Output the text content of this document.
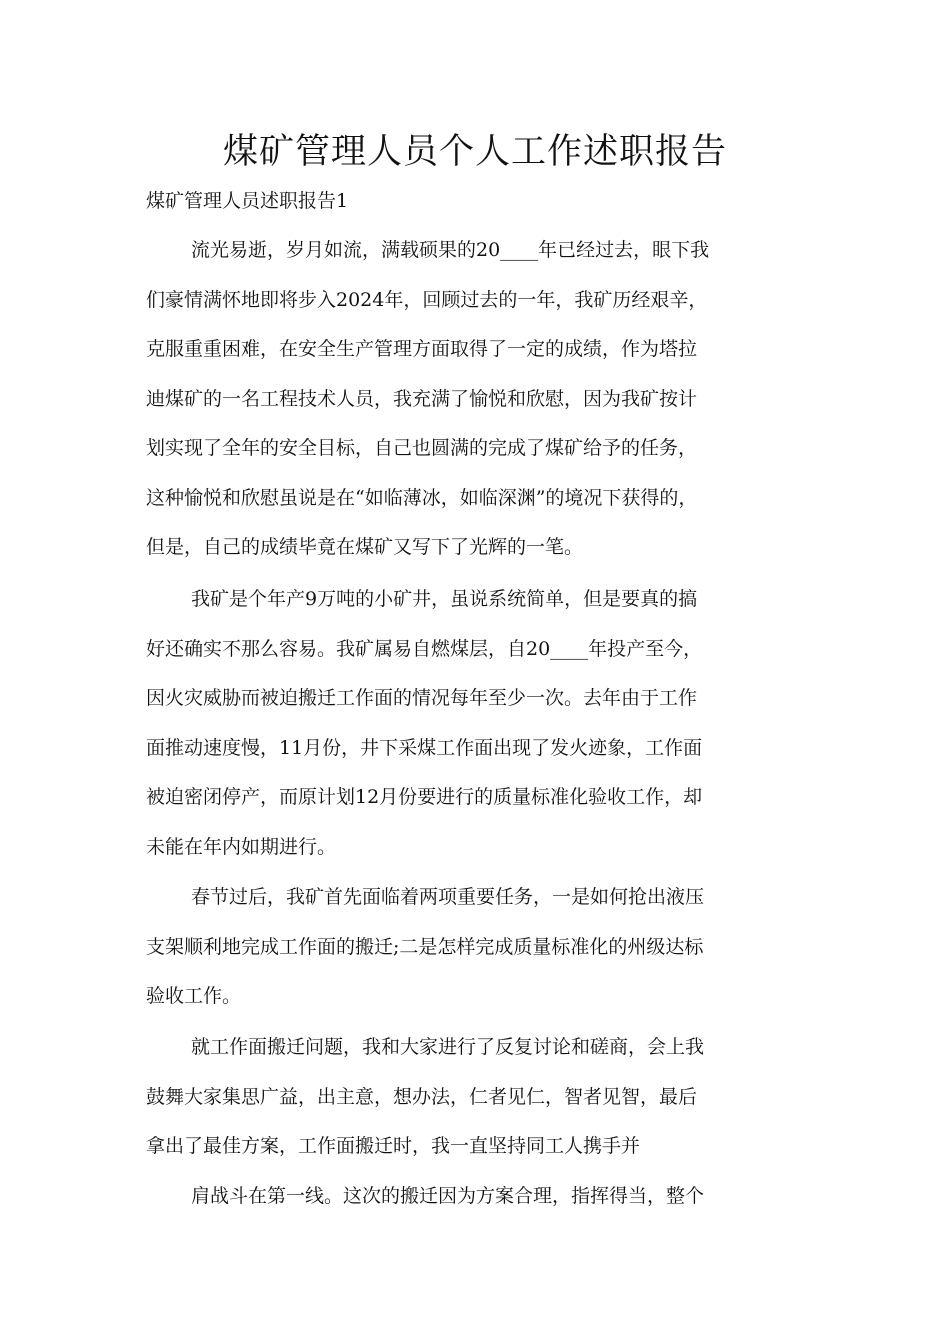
煤矿管理人员个人工作述职报告

煤矿管理人员述职报告1

流光易逝，岁月如流，满载硕果的20____年已经过去，眼下我
们豪情满怀地即将步入2024年，回顾过去的一年，我矿历经艰辛，
克服重重困难，在安全生产管理方面取得了一定的成绩，作为塔拉
迪煤矿的一名工程技术人员，我充满了愉悦和欣慰，因为我矿按计
划实现了全年的安全目标，自己也圆满的完成了煤矿给予的任务，
这种愉悦和欣慰虽说是在“如临薄冰，如临深渊”的境况下获得的，
但是，自己的成绩毕竟在煤矿又写下了光辉的一笔。
我矿是个年产9万吨的小矿井，虽说系统简单，但是要真的搞
好还确实不那么容易。我矿属易自燃煤层，自20____年投产至今，
因火灾威胁而被迫搬迁工作面的情况每年至少一次。去年由于工作
面推动速度慢，11月份，井下采煤工作面出现了发火迹象，工作面
被迫密闭停产，而原计划12月份要进行的质量标准化验收工作，却
未能在年内如期进行。
春节过后，我矿首先面临着两项重要任务，一是如何抢出液压
支架顺利地完成工作面的搬迁;二是怎样完成质量标准化的州级达标
验收工作。
就工作面搬迁问题，我和大家进行了反复讨论和磋商，会上我
鼓舞大家集思广益，出主意，想办法，仁者见仁，智者见智，最后
拿出了最佳方案，工作面搬迁时，我一直坚持同工人携手并
肩战斗在第一线。这次的搬迁因为方案合理，指挥得当，整个
